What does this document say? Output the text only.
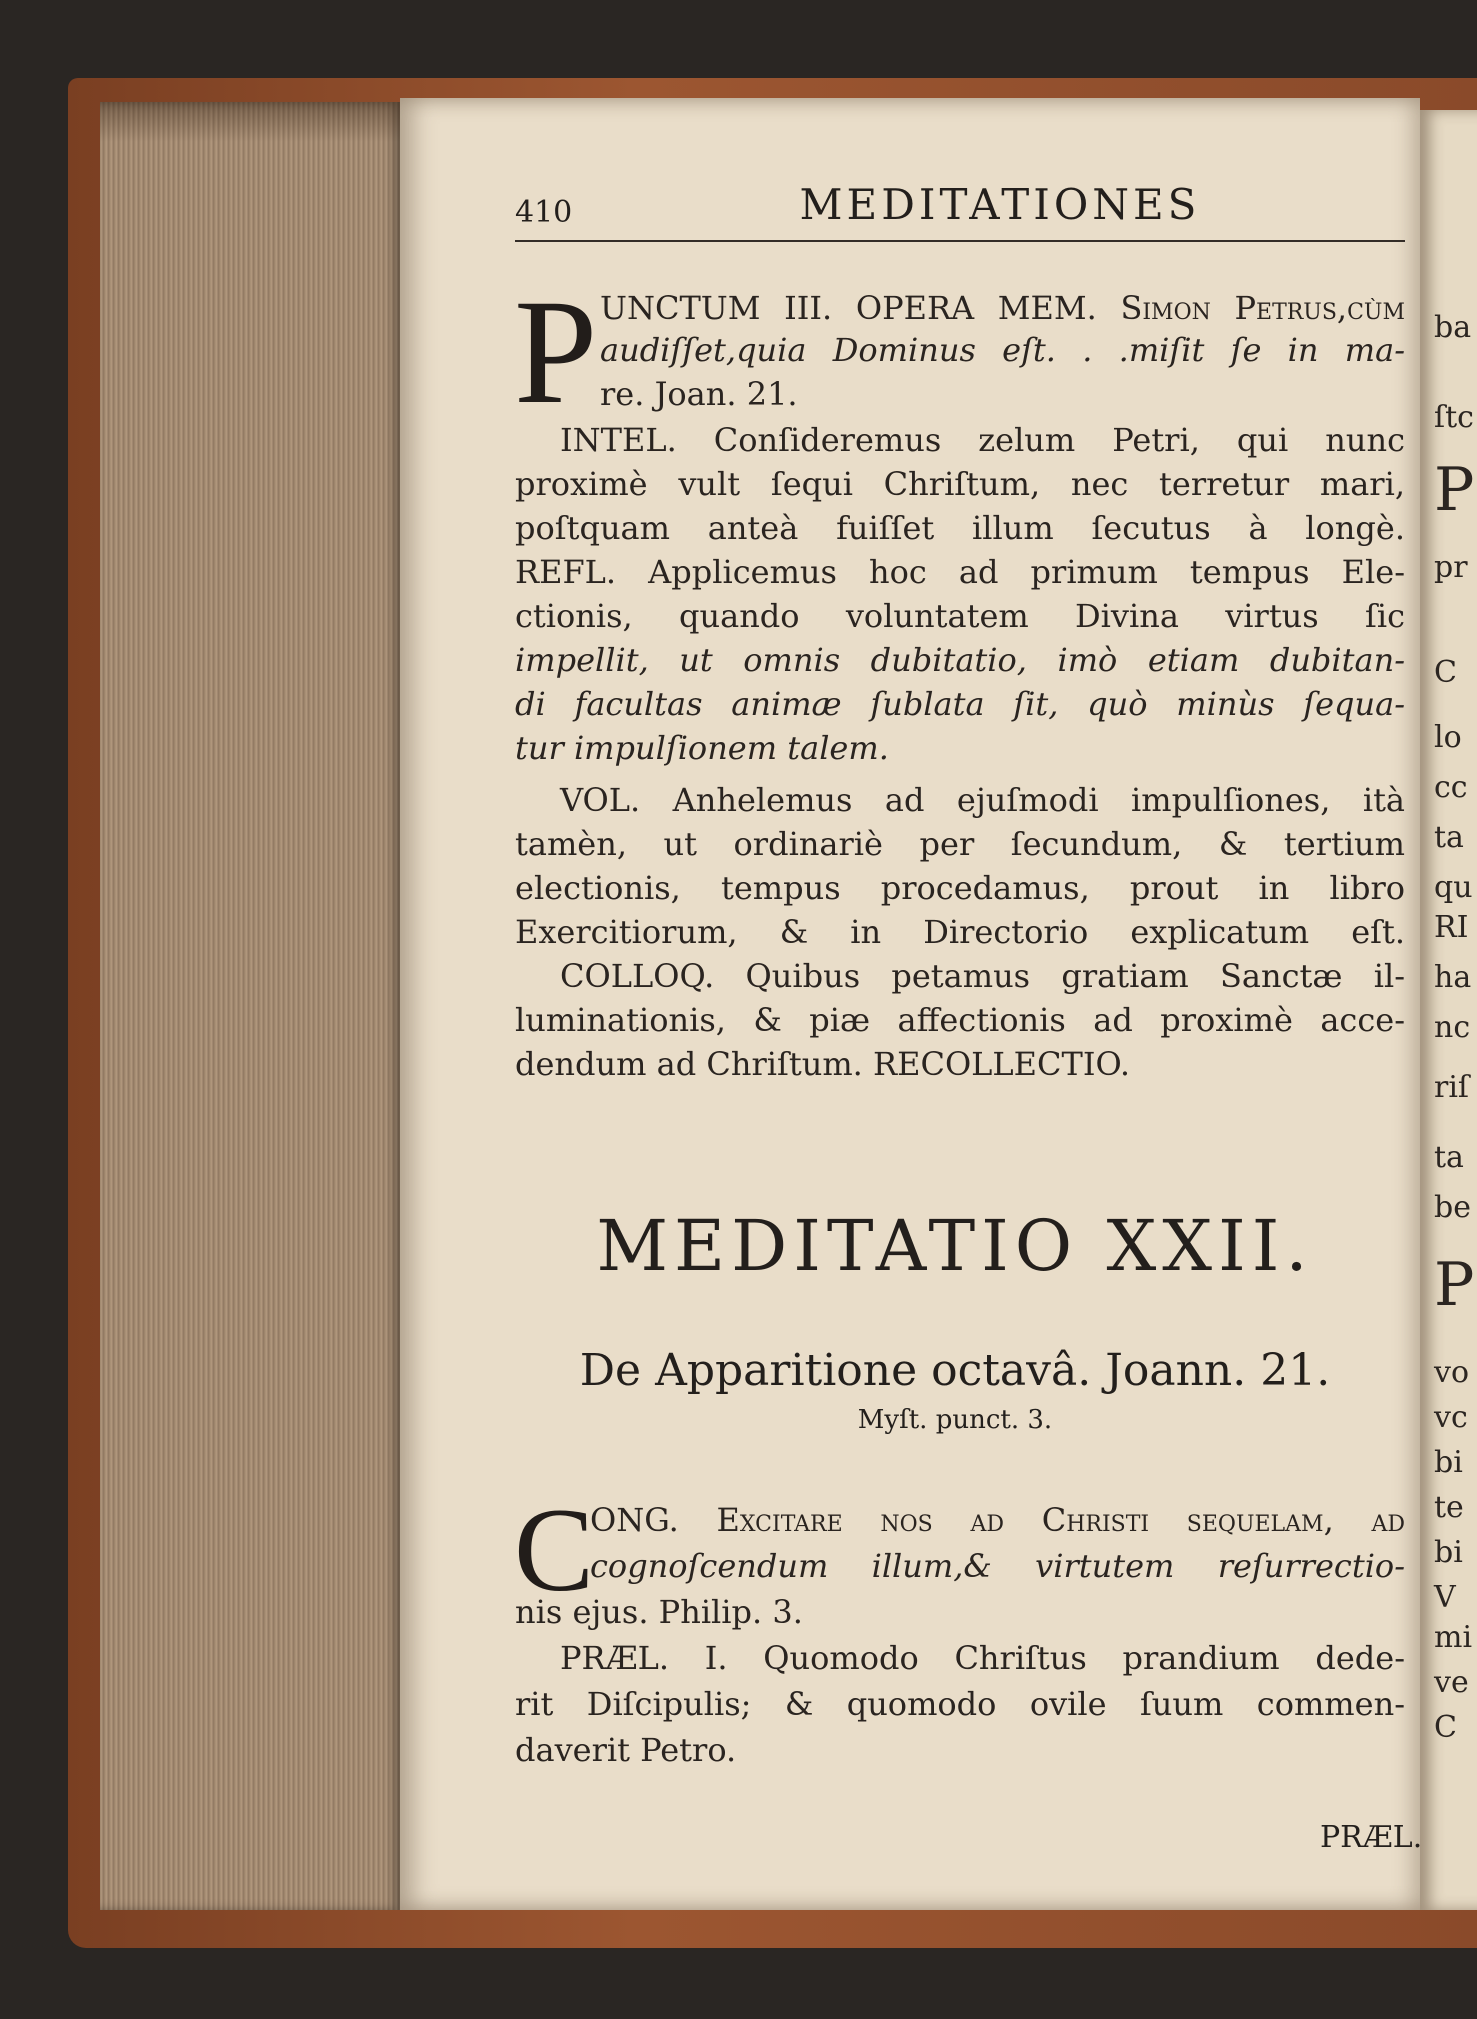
ba
ſtc
P
pr
C
lo
cc
ta
qu
RI
ha
nc
riſ
ta
be
P
vo
vc
bi
te
bi
V
mi
ve
C
410	MEDITATIONES
P UNCTUM III. OPERA MEM. Simon Petrus,cùm
audiſſet,quia Dominus eſt. . .miſit ſe in ma-
re. Joan. 21.
INTEL. Conſideremus zelum Petri, qui nunc
proximè vult ſequi Chriſtum, nec terretur mari,
poſtquam anteà fuiſſet illum ſecutus à longè.
REFL. Applicemus hoc ad primum tempus Ele-
ctionis, quando voluntatem Divina virtus ſic
impellit, ut omnis dubitatio, imò etiam dubitan-
di facultas animæ ſublata ſit, quò minùs ſequa-
tur impulſionem talem.
VOL. Anhelemus ad ejuſmodi impulſiones, ità
tamèn, ut ordinariè per ſecundum, & tertium
electionis, tempus procedamus, prout in libro
Exercitiorum, & in Directorio explicatum eſt.
COLLOQ. Quibus petamus gratiam Sanctæ il-
luminationis, & piæ affectionis ad proximè acce-
dendum ad Chriſtum. RECOLLECTIO.
MEDITATIO XXII.
De Apparitione octavâ. Joann. 21.
Myſt. punct. 3.
C
ONG. Excitare nos ad Chriſti ſequelam, ad
cognoſcendum illum,& virtutem reſurrectio-
nis ejus. Philip. 3.
PRÆL. I. Quomodo Chriſtus prandium dede-
rit Diſcipulis; & quomodo ovile ſuum commen-
daverit Petro.
PRÆL.
